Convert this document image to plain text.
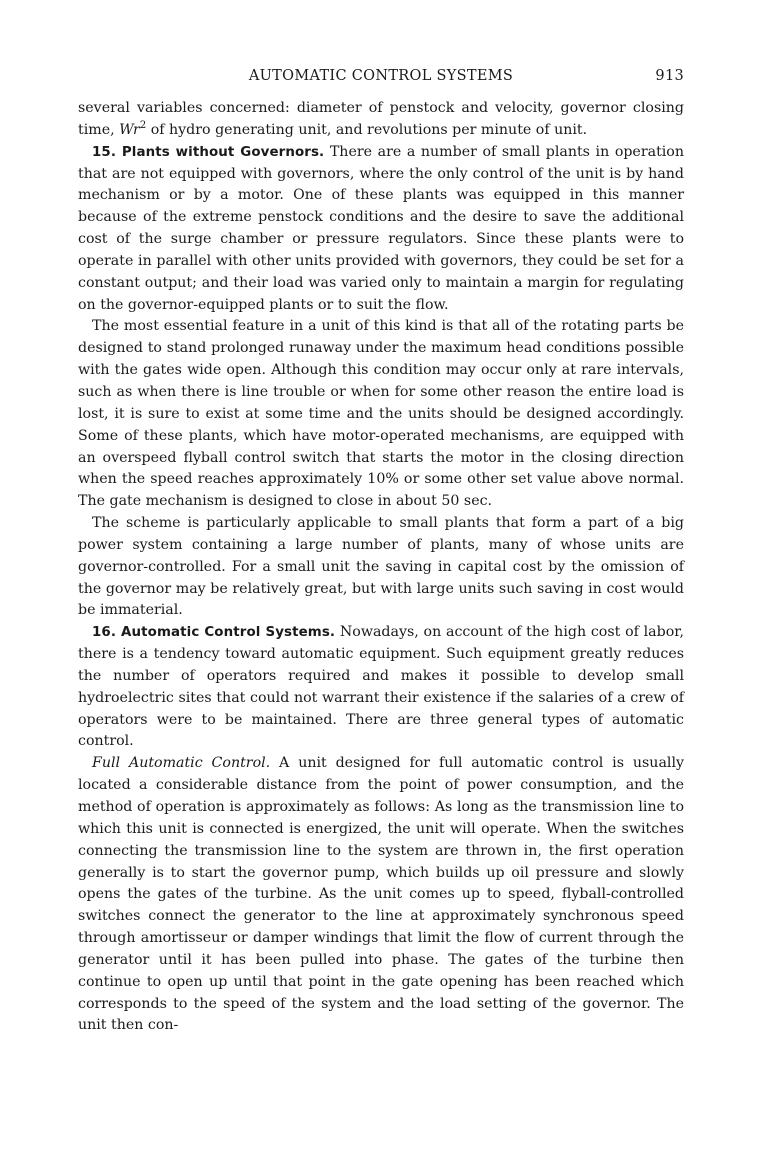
AUTOMATIC CONTROL SYSTEMS	913

several variables concerned: diameter of penstock and velocity, governor closing time, Wr$^2$ of hydro generating unit, and revolutions per minute of unit.

15. Plants without Governors. There are a number of small plants in operation that are not equipped with governors, where the only control of the unit is by hand mechanism or by a motor. One of these plants was equipped in this manner because of the extreme penstock conditions and the desire to save the additional cost of the surge chamber or pressure regulators. Since these plants were to operate in parallel with other units provided with governors, they could be set for a constant output; and their load was varied only to maintain a margin for regulating on the governor-equipped plants or to suit the flow.

The most essential feature in a unit of this kind is that all of the rotating parts be designed to stand prolonged runaway under the maximum head conditions possible with the gates wide open. Although this condition may occur only at rare intervals, such as when there is line trouble or when for some other reason the entire load is lost, it is sure to exist at some time and the units should be designed accordingly. Some of these plants, which have motor-operated mechanisms, are equipped with an overspeed flyball control switch that starts the motor in the closing direction when the speed reaches approximately 10% or some other set value above normal. The gate mechanism is designed to close in about 50 sec.

The scheme is particularly applicable to small plants that form a part of a big power system containing a large number of plants, many of whose units are governor-controlled. For a small unit the saving in capital cost by the omission of the governor may be relatively great, but with large units such saving in cost would be immaterial.

16. Automatic Control Systems. Nowadays, on account of the high cost of labor, there is a tendency toward automatic equipment. Such equipment greatly reduces the number of operators required and makes it possible to develop small hydroelectric sites that could not warrant their existence if the salaries of a crew of operators were to be maintained. There are three general types of automatic control.

Full Automatic Control. A unit designed for full automatic control is usually located a considerable distance from the point of power consumption, and the method of operation is approximately as follows: As long as the transmission line to which this unit is connected is energized, the unit will operate. When the switches connecting the transmission line to the system are thrown in, the first operation generally is to start the governor pump, which builds up oil pressure and slowly opens the gates of the turbine. As the unit comes up to speed, flyball-controlled switches connect the generator to the line at approximately synchronous speed through amortisseur or damper windings that limit the flow of current through the generator until it has been pulled into phase. The gates of the turbine then continue to open up until that point in the gate opening has been reached which corresponds to the speed of the system and the load setting of the governor. The unit then con-
